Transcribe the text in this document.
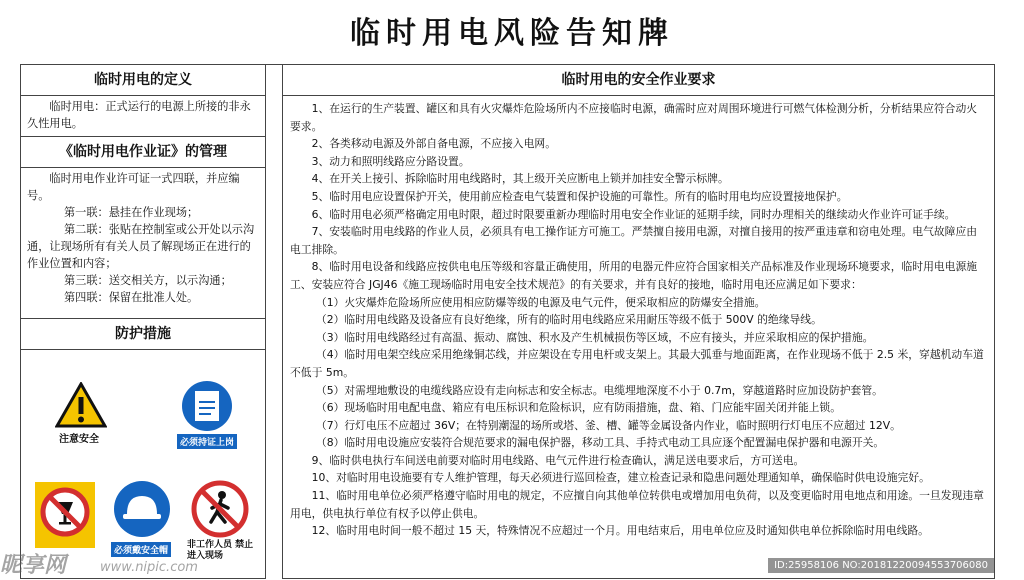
临时用电风险告知牌
临时用电的定义
临时用电：正式运行的电源上所接的非永久性用电。
《临时用电作业证》的管理

临时用电作业许可证一式四联，并应编号。

第一联：悬挂在作业现场；

第二联：张贴在控制室或公开处以示沟通，让现场所有有关人员了解现场正在进行的作业位置和内容；

第三联：送交相关方，以示沟通；

第四联：保留在批准人处。

防护措施
注意安全
操作证书
必须持证上岗
必须戴安全帽
非工作人员 禁止进入现场
临时用电的安全作业要求

1、在运行的生产装置、罐区和具有火灾爆炸危险场所内不应接临时电源，确需时应对周围环境进行可燃气体检测分析，分析结果应符合动火要求。

2、各类移动电源及外部自备电源，不应接入电网。

3、动力和照明线路应分路设置。

4、在开关上接引、拆除临时用电线路时，其上级开关应断电上锁并加挂安全警示标牌。

5、临时用电应设置保护开关，使用前应检查电气装置和保护设施的可靠性。所有的临时用电均应设置接地保护。

6、临时用电必须严格确定用电时限，超过时限要重新办理临时用电安全作业证的延期手续，同时办理相关的继续动火作业许可证手续。

7、安装临时用电线路的作业人员，必须具有电工操作证方可施工。严禁擅自接用电源，对擅自接用的按严重违章和窃电处理。电气故障应由电工排除。

8、临时用电设备和线路应按供电电压等级和容量正确使用，所用的电器元件应符合国家相关产品标准及作业现场环境要求，临时用电电源施工、安装应符合 JGJ46《施工现场临时用电安全技术规范》的有关要求，并有良好的接地，临时用电还应满足如下要求：

（1）火灾爆炸危险场所应使用相应防爆等级的电源及电气元件，便采取相应的防爆安全措施。

（2）临时用电线路及设备应有良好绝缘，所有的临时用电线路应采用耐压等级不低于 500V 的绝缘导线。

（3）临时用电线路经过有高温、振动、腐蚀、积水及产生机械损伤等区域，不应有接头，并应采取相应的保护措施。

（4）临时用电架空线应采用绝缘铜芯线，并应架设在专用电杆或支架上。其最大弧垂与地面距离，在作业现场不低于 2.5 米，穿越机动车道不低于 5m。

（5）对需埋地敷设的电缆线路应设有走向标志和安全标志。电缆埋地深度不小于 0.7m，穿越道路时应加设防护套管。

（6）现场临时用电配电盘、箱应有电压标识和危险标识，应有防雨措施，盘、箱、门应能牢固关闭并能上锁。

（7）行灯电压不应超过 36V；在特别潮湿的场所或塔、釜、槽、罐等金属设备内作业，临时照明行灯电压不应超过 12V。

（8）临时用电设施应安装符合规范要求的漏电保护器，移动工具、手持式电动工具应逐个配置漏电保护器和电源开关。

9、临时供电执行车间送电前要对临时用电线路、电气元件进行检查确认，满足送电要求后，方可送电。

10、对临时用电设施要有专人维护管理，每天必须进行巡回检查，建立检查记录和隐患问题处理通知单，确保临时供电设施完好。

11、临时用电单位必须严格遵守临时用电的规定，不应擅自向其他单位转供电或增加用电负荷，以及变更临时用电地点和用途。一旦发现违章用电，供电执行单位有权予以停止供电。

12、临时用电时间一般不超过 15 天，特殊情况不应超过一个月。用电结束后，用电单位应及时通知供电单位拆除临时用电线路。

昵享网	www.nipic.com	ID:25958106 NO:20181220094553706080
